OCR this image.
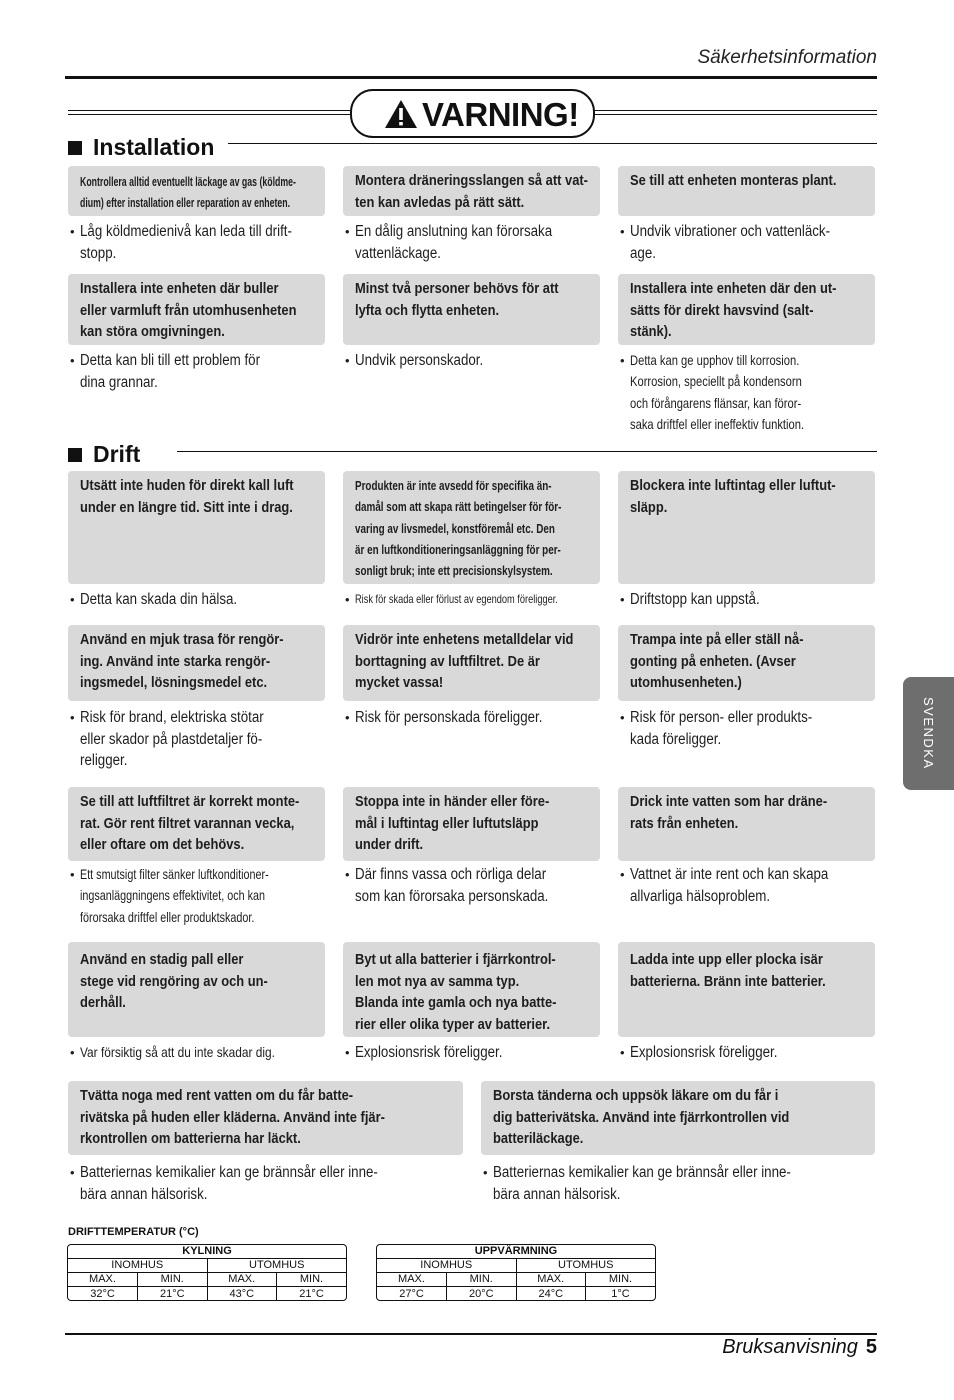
Säkerhetsinformation
VARNING!
Installation
Kontrollera alltid eventuellt läckage av gas (köldme-
dium) efter installation eller reparation av enheten.
• Låg köldmedienivå kan leda till drift-
stopp.
Montera dräneringsslangen så att vat-
ten kan avledas på rätt sätt.
• En dålig anslutning kan förorsaka
vattenläckage.
Se till att enheten monteras plant.
• Undvik vibrationer och vattenläck-
age.
Installera inte enheten där buller
eller varmluft från utomhusenheten
kan störa omgivningen.
• Detta kan bli till ett problem för
dina grannar.
Minst två personer behövs för att
lyfta och flytta enheten.
• Undvik personskador.
Installera inte enheten där den ut-
sätts för direkt havsvind (salt-
stänk).
• Detta kan ge upphov till korrosion.
Korrosion, speciellt på kondensorn
och förångarens flänsar, kan föror-
saka driftfel eller ineffektiv funktion.
Drift
Utsätt inte huden för direkt kall luft
under en längre tid. Sitt inte i drag.
• Detta kan skada din hälsa.
Produkten är inte avsedd för specifika än-
damål som att skapa rätt betingelser för för-
varing av livsmedel, konstföremål etc. Den
är en luftkonditioneringsanläggning för per-
sonligt bruk; inte ett precisionskylsystem.
• Risk för skada eller förlust av egendom föreligger.
Blockera inte luftintag eller luftut-
släpp.
• Driftstopp kan uppstå.
Använd en mjuk trasa för rengör-
ing. Använd inte starka rengör-
ingsmedel, lösningsmedel etc.
• Risk för brand, elektriska stötar
eller skador på plastdetaljer fö-
religger.
Vidrör inte enhetens metalldelar vid
borttagning av luftfiltret. De är
mycket vassa!
• Risk för personskada föreligger.
Trampa inte på eller ställ nå-
gonting på enheten. (Avser
utomhusenheten.)
• Risk för person- eller produkts-
kada föreligger.
Se till att luftfiltret är korrekt monte-
rat. Gör rent filtret varannan vecka,
eller oftare om det behövs.
• Ett smutsigt filter sänker luftkonditioner-
ingsanläggningens effektivitet, och kan
förorsaka driftfel eller produktskador.
Stoppa inte in händer eller före-
mål i luftintag eller luftutsläpp
under drift.
• Där finns vassa och rörliga delar
som kan förorsaka personskada.
Drick inte vatten som har dräne-
rats från enheten.
• Vattnet är inte rent och kan skapa
allvarliga hälsoproblem.
Använd en stadig pall eller
stege vid rengöring av och un-
derhåll.
• Var försiktig så att du inte skadar dig.
Byt ut alla batterier i fjärrkontrol-
len mot nya av samma typ.
Blanda inte gamla och nya batte-
rier eller olika typer av batterier.
• Explosionsrisk föreligger.
Ladda inte upp eller plocka isär
batterierna. Bränn inte batterier.
• Explosionsrisk föreligger.
Tvätta noga med rent vatten om du får batte-
rivätska på huden eller kläderna. Använd inte fjär-
rkontrollen om batterierna har läckt.
• Batteriernas kemikalier kan ge brännsår eller inne-
bära annan hälsorisk.
Borsta tänderna och uppsök läkare om du får i
dig batterivätska. Använd inte fjärrkontrollen vid
batteriläckage.
• Batteriernas kemikalier kan ge brännsår eller inne-
bära annan hälsorisk.
DRIFTTEMPERATUR (°C)
KYLNING			
INOMHUS		UTOMHUS	
MAX.	MIN.	MAX.	MIN.
32°C	21°C	43°C	21°C
UPPVÄRMNING			
INOMHUS		UTOMHUS	
MAX.	MIN.	MAX.	MIN.
27°C	20°C	24°C	1°C
SVENDKA
Bruksanvisning 5
